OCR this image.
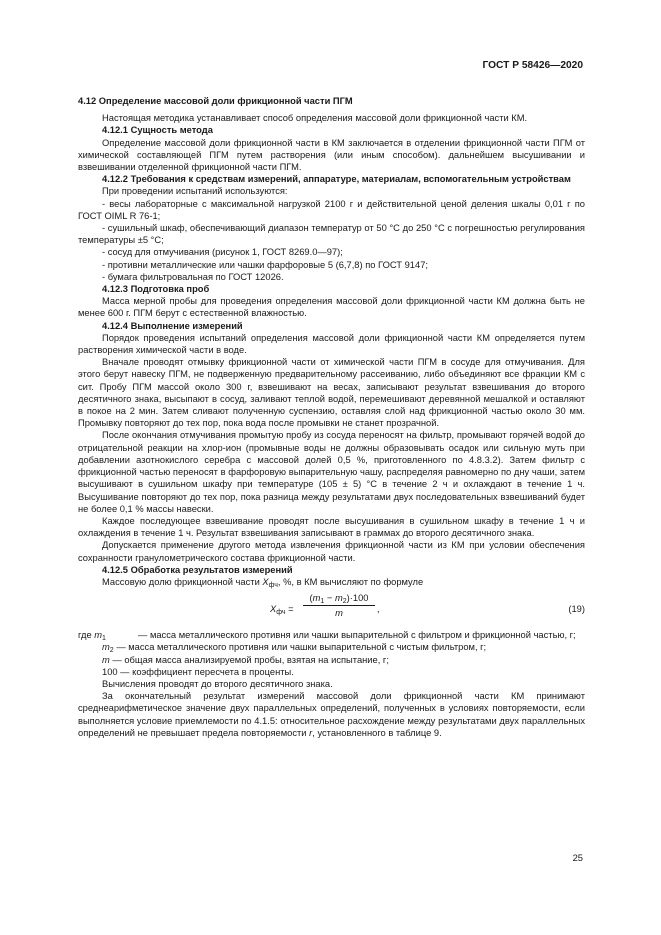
ГОСТ Р 58426—2020

4.12 Определение массовой доли фрикционной части ПГМ

Настоящая методика устанавливает способ определения массовой доли фрикционной части КМ.

4.12.1 Сущность метода

Определение массовой доли фрикционной части в КМ заключается в отделении фрикционной части ПГМ от химической составляющей ПГМ путем растворения (или иным способом). дальнейшем высушивании и взвешивании отделенной фрикционной части ПГМ.

4.12.2 Требования к средствам измерений, аппаратуре, материалам, вспомогательным устройствам

При проведении испытаний используются:

- весы лабораторные с максимальной нагрузкой 2100 г и действительной ценой деления шкалы 0,01 г по ГОСТ OIML R 76-1;

- сушильный шкаф, обеспечивающий диапазон температур от 50 °C до 250 °C с погрешностью регулирования температуры ±5 °C;

- сосуд для отмучивания (рисунок 1, ГОСТ 8269.0—97);

- противни металлические или чашки фарфоровые 5 (6,7,8) по ГОСТ 9147;

- бумага фильтровальная по ГОСТ 12026.

4.12.3 Подготовка проб

Масса мерной пробы для проведения определения массовой доли фрикционной части КМ должна быть не менее 600 г. ПГМ берут с естественной влажностью.

4.12.4 Выполнение измерений

Порядок проведения испытаний определения массовой доли фрикционной части КМ определяется путем растворения химической части в воде.

Вначале проводят отмывку фрикционной части от химической части ПГМ в сосуде для отмучивания. Для этого берут навеску ПГМ, не подверженную предварительному рассеиванию, либо объединяют все фракции КМ с сит. Пробу ПГМ массой около 300 г, взвешивают на весах, записывают результат взвешивания до второго десятичного знака, высыпают в сосуд, заливают теплой водой, перемешивают деревянной мешалкой и оставляют в покое на 2 мин. Затем сливают полученную суспензию, оставляя слой над фрикционной частью около 30 мм. Промывку повторяют до тех пор, пока вода после промывки не станет прозрачной.

После окончания отмучивания промытую пробу из сосуда переносят на фильтр, промывают горячей водой до отрицательной реакции на хлор-ион (промывные воды не должны образовывать осадок или сильную муть при добавлении азотнокислого серебра с массовой долей 0,5 %, приготовленного по 4.8.3.2). Затем фильтр с фрикционной частью переносят в фарфоровую выпарительную чашу, распределяя равномерно по дну чаши, затем высушивают в сушильном шкафу при температуре (105 ± 5) °C в течение 2 ч и охлаждают в течение 1 ч. Высушивание повторяют до тех пор, пока разница между результатами двух последовательных взвешиваний будет не более 0,1 % массы навески.

Каждое последующее взвешивание проводят после высушивания в сушильном шкафу в течение 1 ч и охлаждения в течение 1 ч. Результат взвешивания записывают в граммах до второго десятичного знака.

Допускается применение другого метода извлечения фрикционной части из КМ при условии обеспечения сохранности гранулометрического состава фрикционной части.

4.12.5 Обработка результатов измерений

Массовую долю фрикционной части $X_{фч}$, %, в КМ вычисляют по формуле

$X_{фч} = \frac{(m_1 - m_2)\cdot 100}{m}$ ,	(19)

где $m_1$	— масса металлического противня или чашки выпарительной с фильтром и фрикционной частью, г;

$m_2$ — масса металлического противня или чашки выпарительной с чистым фильтром, г;

m — общая масса анализируемой пробы, взятая на испытание, г;

100 — коэффициент пересчета в проценты.

Вычисления проводят до второго десятичного знака.

За окончательный результат измерений массовой доли фрикционной части КМ принимают среднеарифметическое значение двух параллельных определений, полученных в условиях повторяемости, если выполняется условие приемлемости по 4.1.5: относительное расхождение между результатами двух параллельных определений не превышает предела повторяемости r, установленного в таблице 9.

25
